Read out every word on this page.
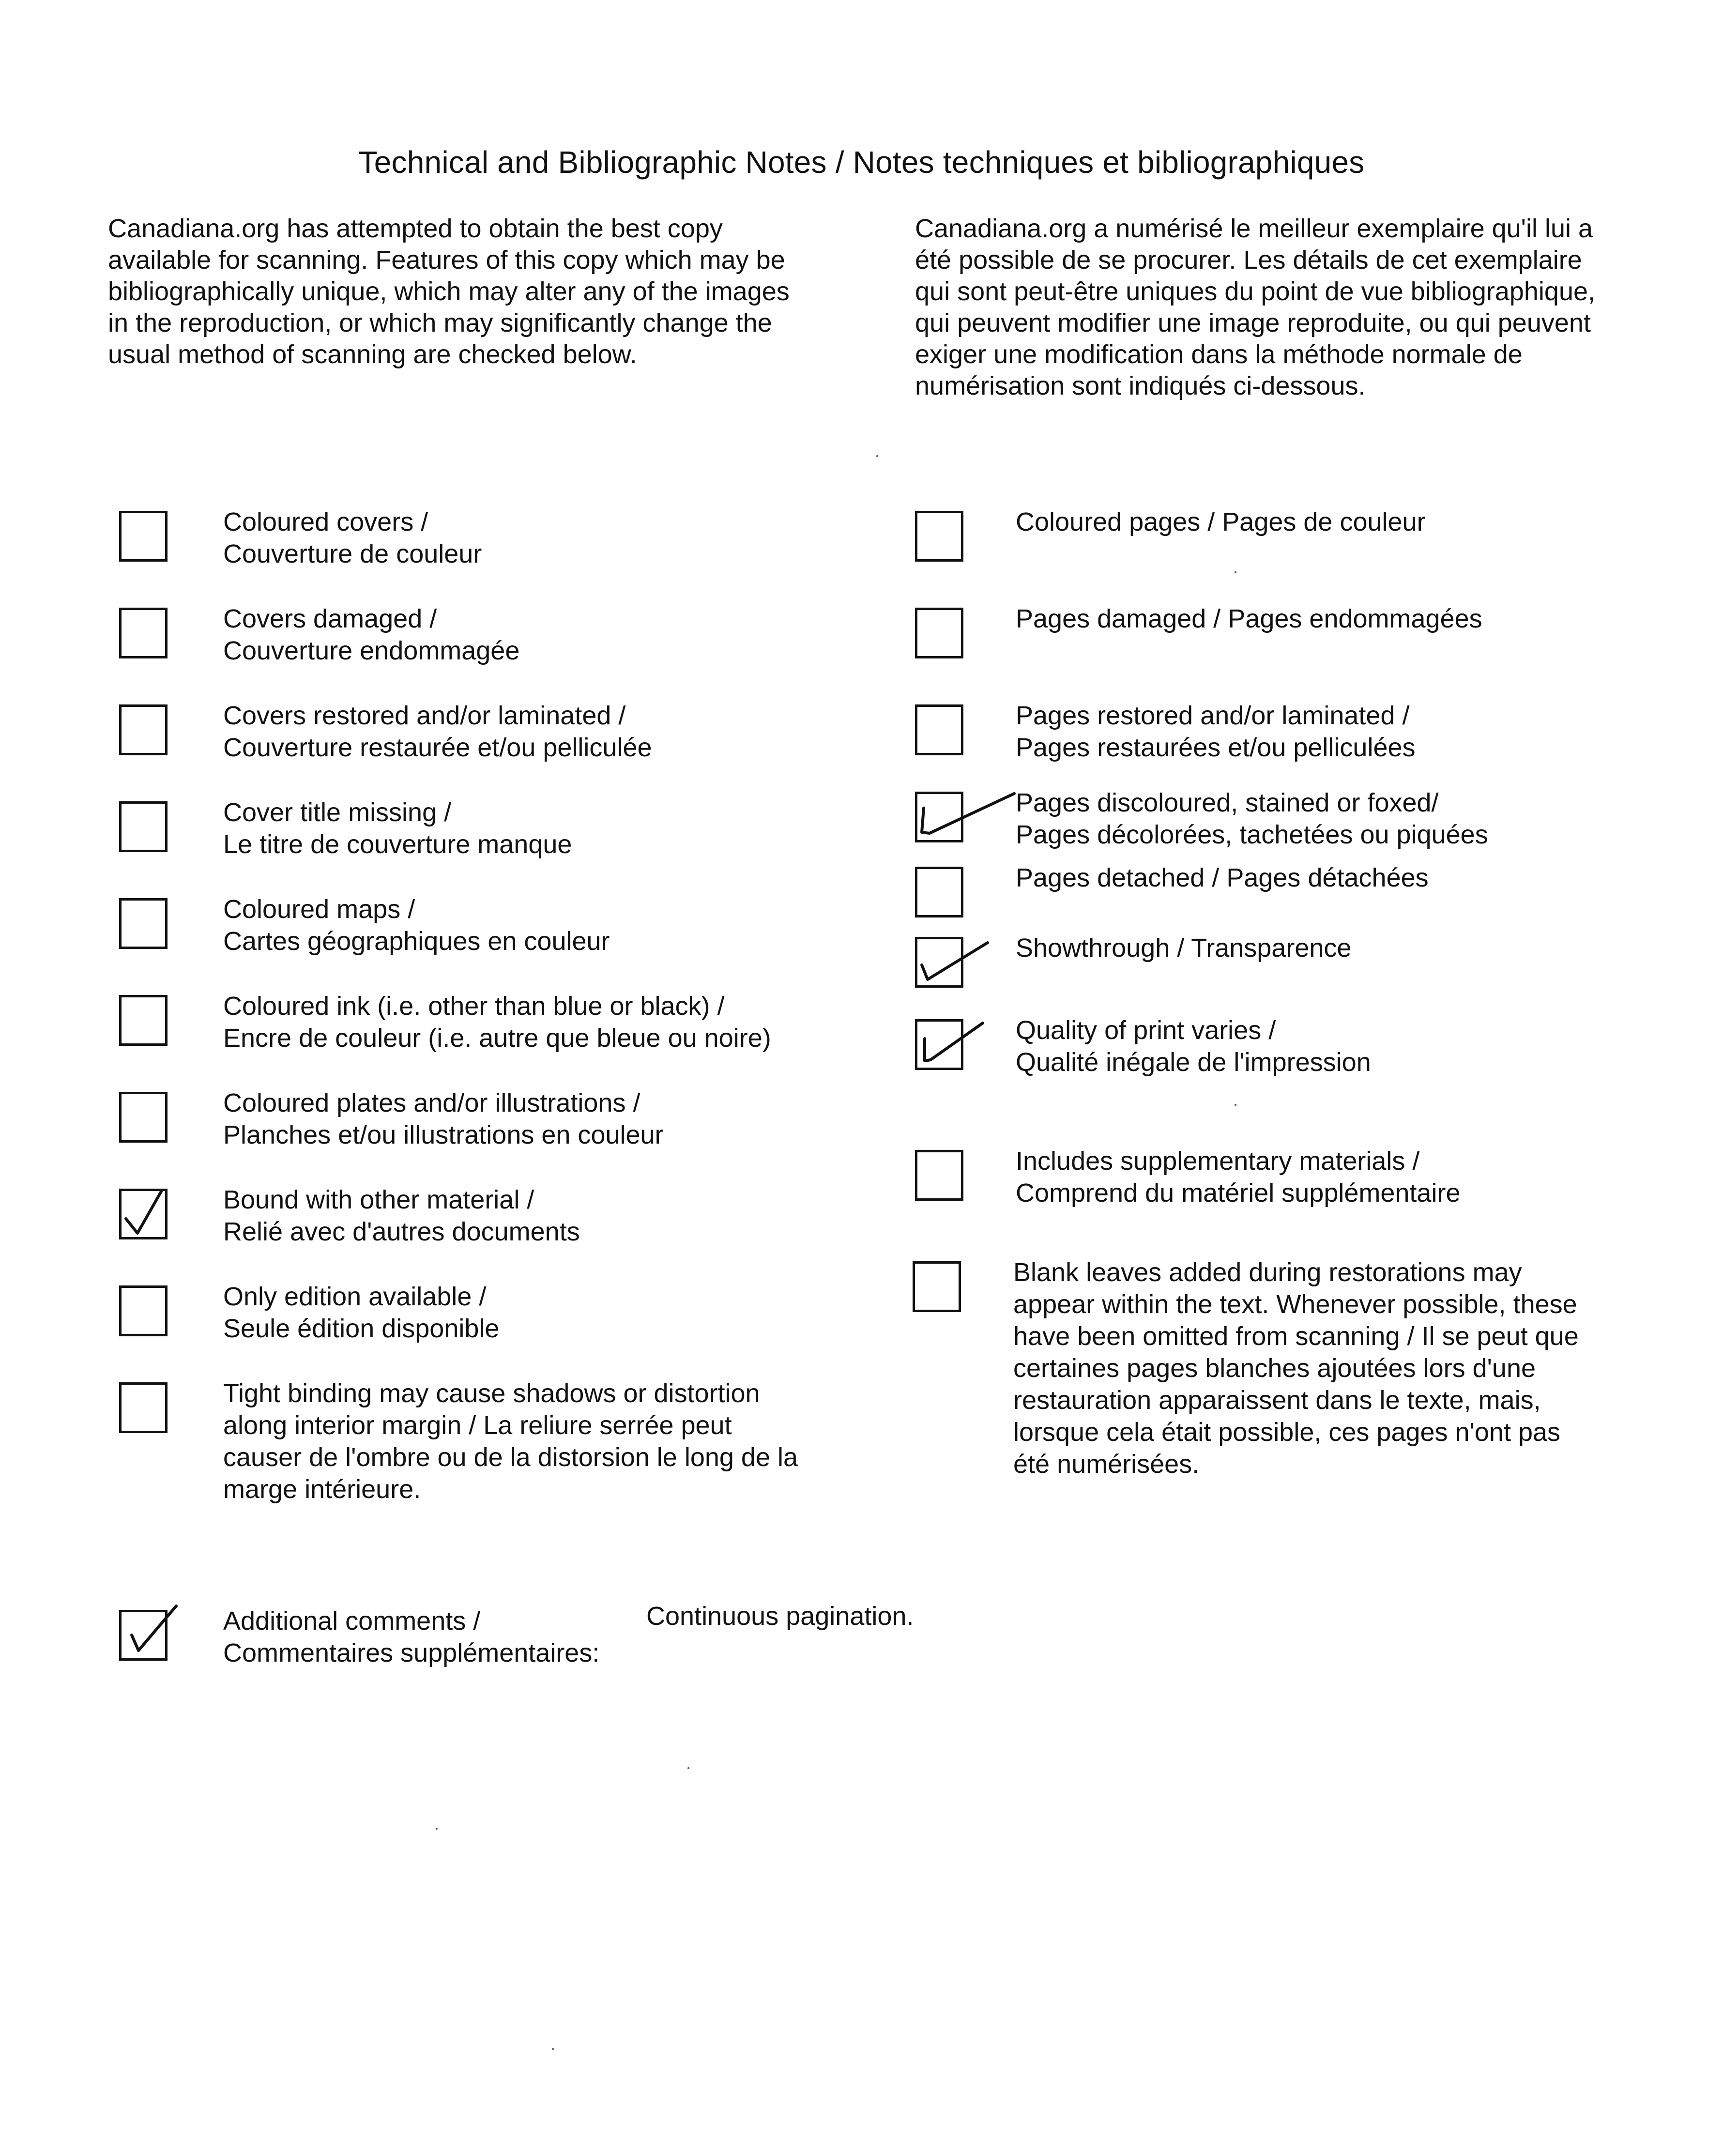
Technical and Bibliographic Notes / Notes techniques et bibliographiques
Canadiana.org has attempted to obtain the best copy
available for scanning. Features of this copy which may be
bibliographically unique, which may alter any of the images
in the reproduction, or which may significantly change the
usual method of scanning are checked below.
Canadiana.org a numérisé le meilleur exemplaire qu'il lui a
été possible de se procurer. Les détails de cet exemplaire
qui sont peut-être uniques du point de vue bibliographique,
qui peuvent modifier une image reproduite, ou qui peuvent
exiger une modification dans la méthode normale de
numérisation sont indiqués ci-dessous.
Coloured covers /
Couverture de couleur
Covers damaged /
Couverture endommagée
Covers restored and/or laminated /
Couverture restaurée et/ou pelliculée
Cover title missing /
Le titre de couverture manque
Coloured maps /
Cartes géographiques en couleur
Coloured ink (i.e. other than blue or black) /
Encre de couleur (i.e. autre que bleue ou noire)
Coloured plates and/or illustrations /
Planches et/ou illustrations en couleur
Bound with other material /
Relié avec d'autres documents
Only edition available /
Seule édition disponible
Tight binding may cause shadows or distortion
along interior margin / La reliure serrée peut
causer de l'ombre ou de la distorsion le long de la
marge intérieure.
Coloured pages / Pages de couleur
Pages damaged / Pages endommagées
Pages restored and/or laminated /
Pages restaurées et/ou pelliculées
Pages discoloured, stained or foxed/
Pages décolorées, tachetées ou piquées
Pages detached / Pages détachées
Showthrough / Transparence
Quality of print varies /
Qualité inégale de l'impression
Includes supplementary materials /
Comprend du matériel supplémentaire
Blank leaves added during restorations may
appear within the text. Whenever possible, these
have been omitted from scanning / Il se peut que
certaines pages blanches ajoutées lors d'une
restauration apparaissent dans le texte, mais,
lorsque cela était possible, ces pages n'ont pas
été numérisées.
Additional comments /
Commentaires supplémentaires:
Continuous pagination.
